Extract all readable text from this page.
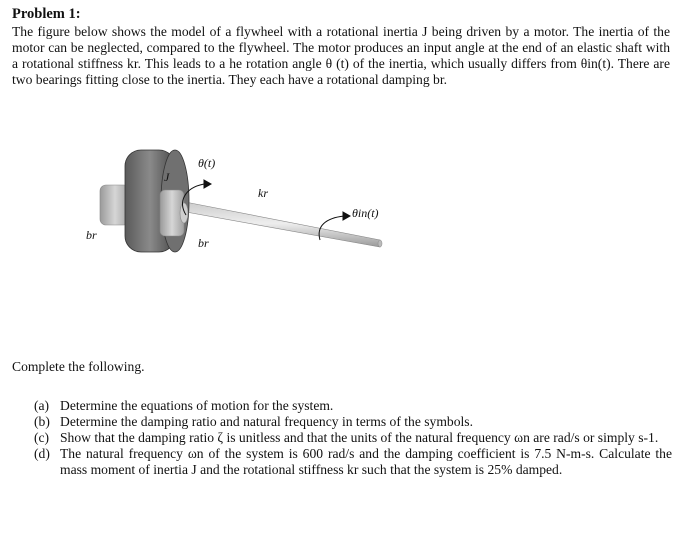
Problem 1:
The figure below shows the model of a flywheel with a rotational inertia J being driven by a motor. The inertia of the motor can be neglected, compared to the flywheel. The motor produces an input angle at the end of an elastic shaft with a rotational stiffness kr. This leads to a he rotation angle θ (t) of the inertia, which usually differs from θin(t). There are two bearings fitting close to the inertia. They each have a rotational damping br.
θ(t)
J
kr
θin(t)
br
br
Complete the following.
(a) Determine the equations of motion for the system.
(b) Determine the damping ratio and natural frequency in terms of the symbols.
(c) Show that the damping ratio ζ is unitless and that the units of the natural frequency ωn are rad/s or simply s-1.
(d) The natural frequency ωn of the system is 600 rad/s and the damping coefficient is 7.5 N-m-s. Calculate the mass moment of inertia J and the rotational stiffness kr such that the system is 25% damped.
